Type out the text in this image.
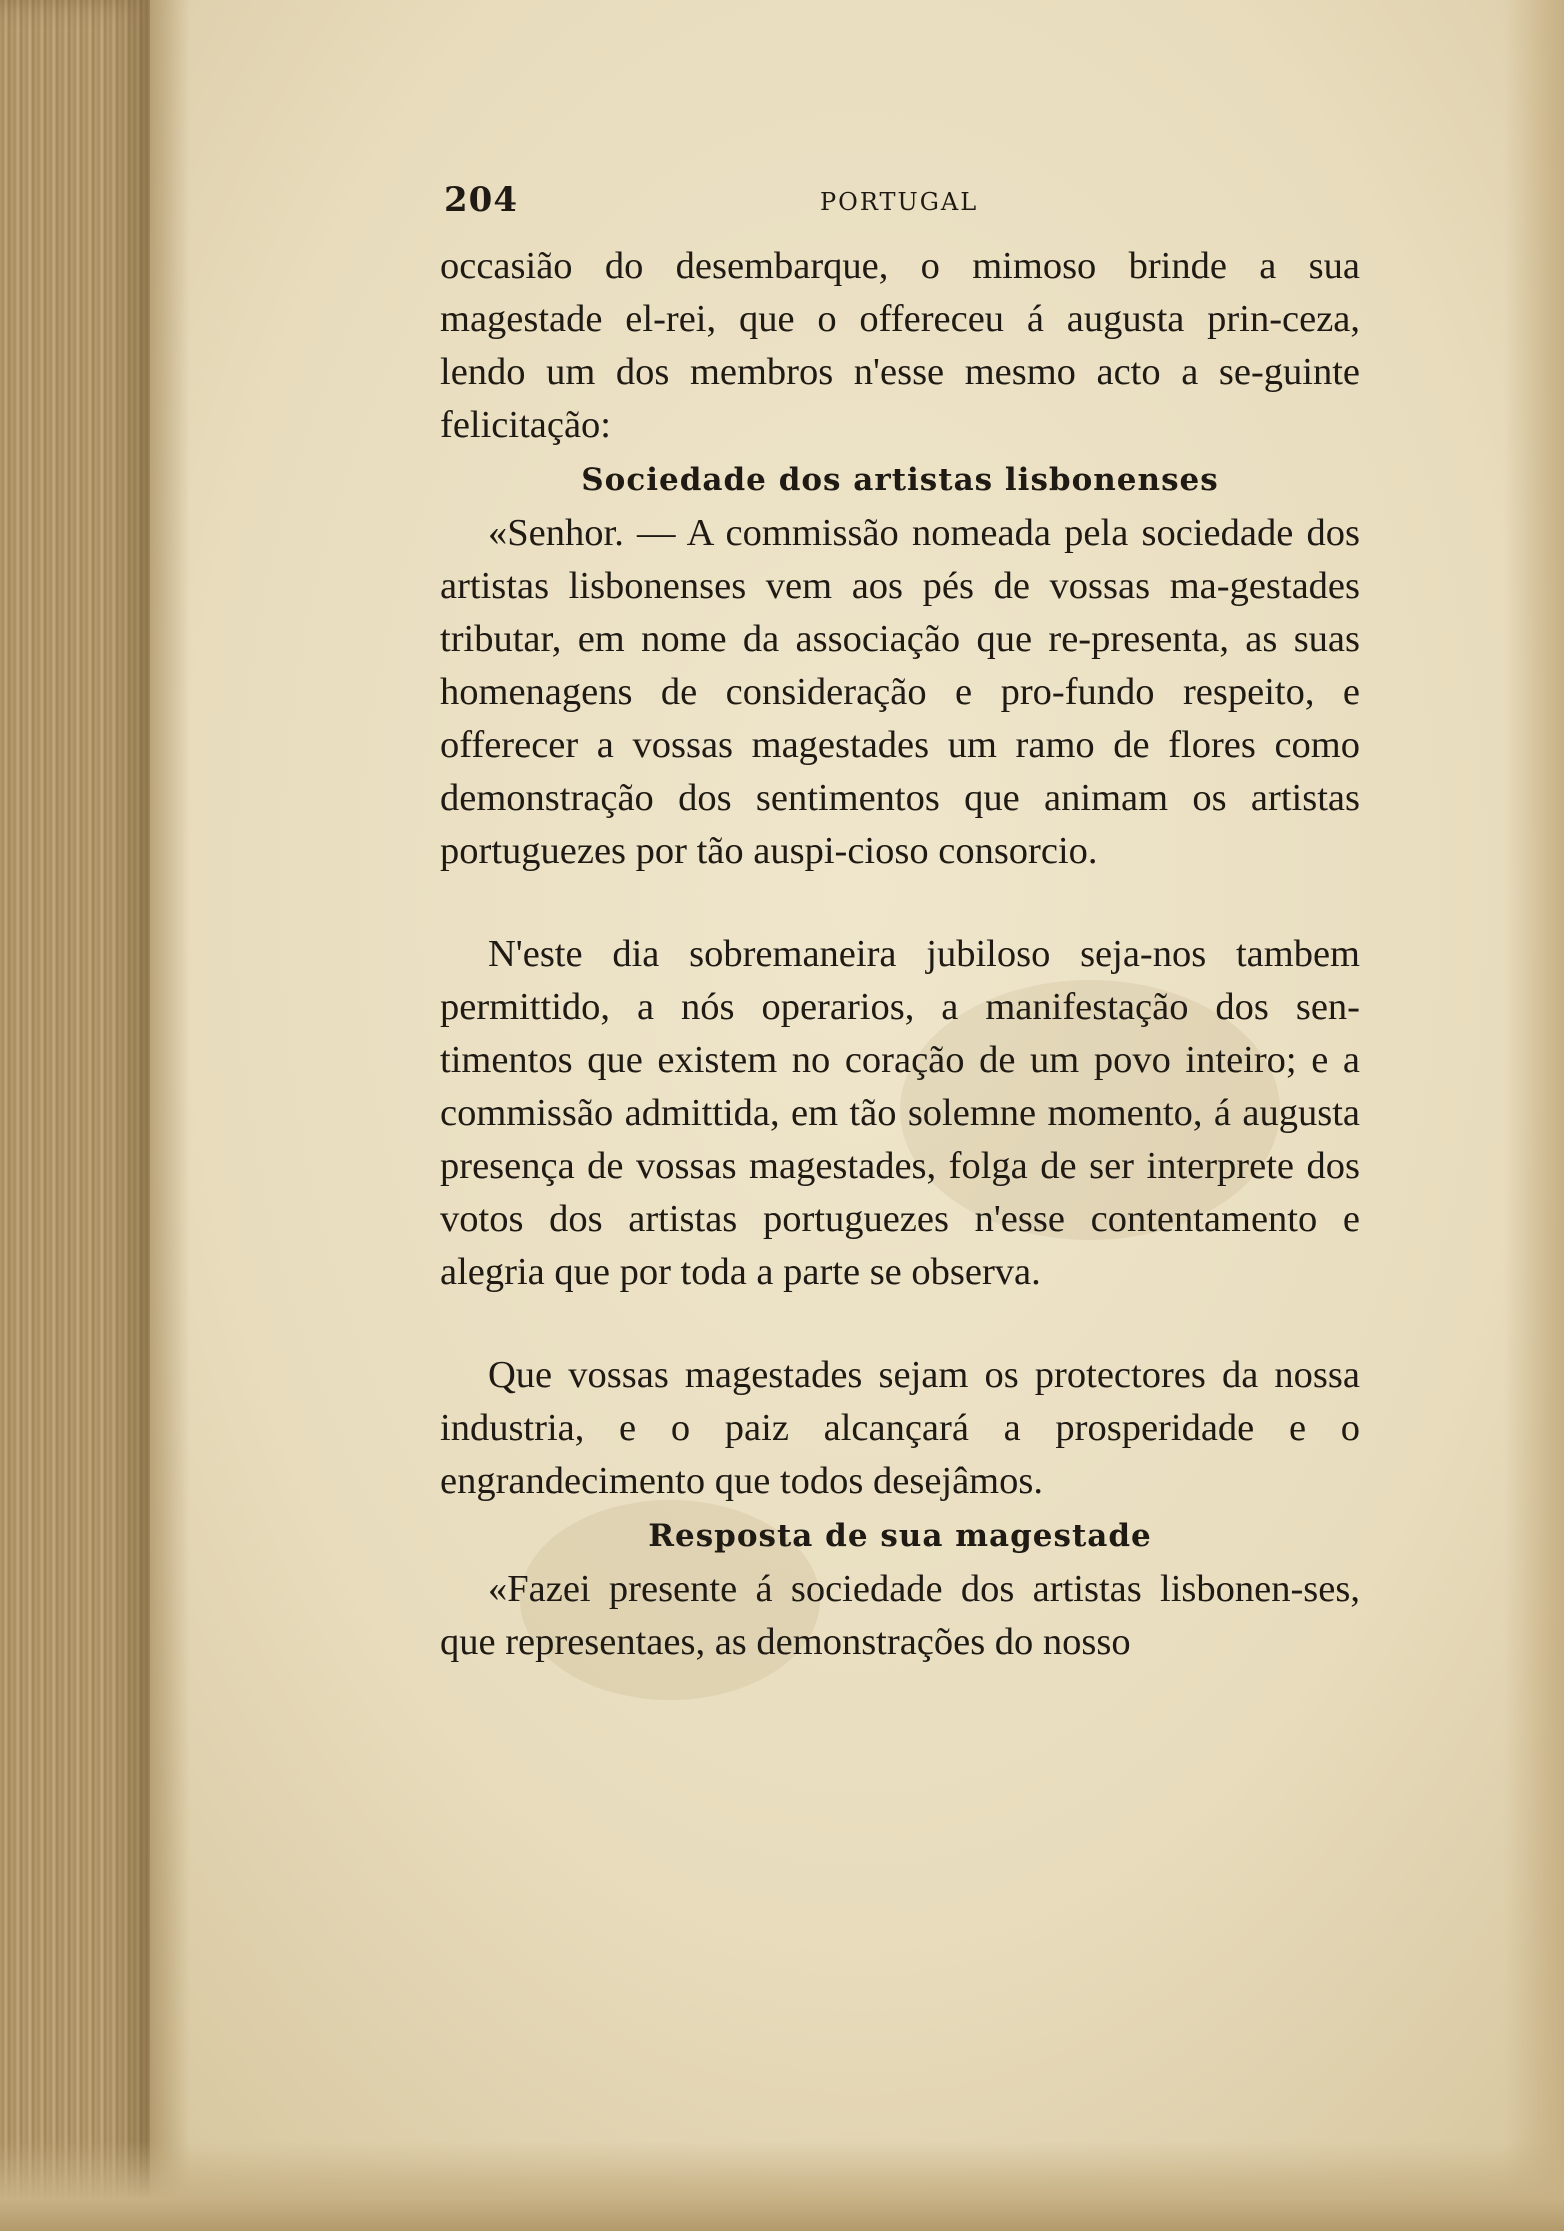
204	PORTUGAL

occasião do desembarque, o mimoso brinde a sua magestade el-rei, que o offereceu á augusta prin-ceza, lendo um dos membros n'esse mesmo acto a se-guinte felicitação:

Sociedade dos artistas lisbonenses

«Senhor. — A commissão nomeada pela sociedade dos artistas lisbonenses vem aos pés de vossas ma-gestades tributar, em nome da associação que re-presenta, as suas homenagens de consideração e pro-fundo respeito, e offerecer a vossas magestades um ramo de flores como demonstração dos sentimentos que animam os artistas portuguezes por tão auspi-cioso consorcio.

N'este dia sobremaneira jubiloso seja-nos tambem permittido, a nós operarios, a manifestação dos sen-timentos que existem no coração de um povo inteiro; e a commissão admittida, em tão solemne momento, á augusta presença de vossas magestades, folga de ser interprete dos votos dos artistas portuguezes n'esse contentamento e alegria que por toda a parte se observa.

Que vossas magestades sejam os protectores da nossa industria, e o paiz alcançará a prosperidade e o engrandecimento que todos desejâmos.

Resposta de sua magestade

«Fazei presente á sociedade dos artistas lisbonen-ses, que representaes, as demonstrações do nosso
